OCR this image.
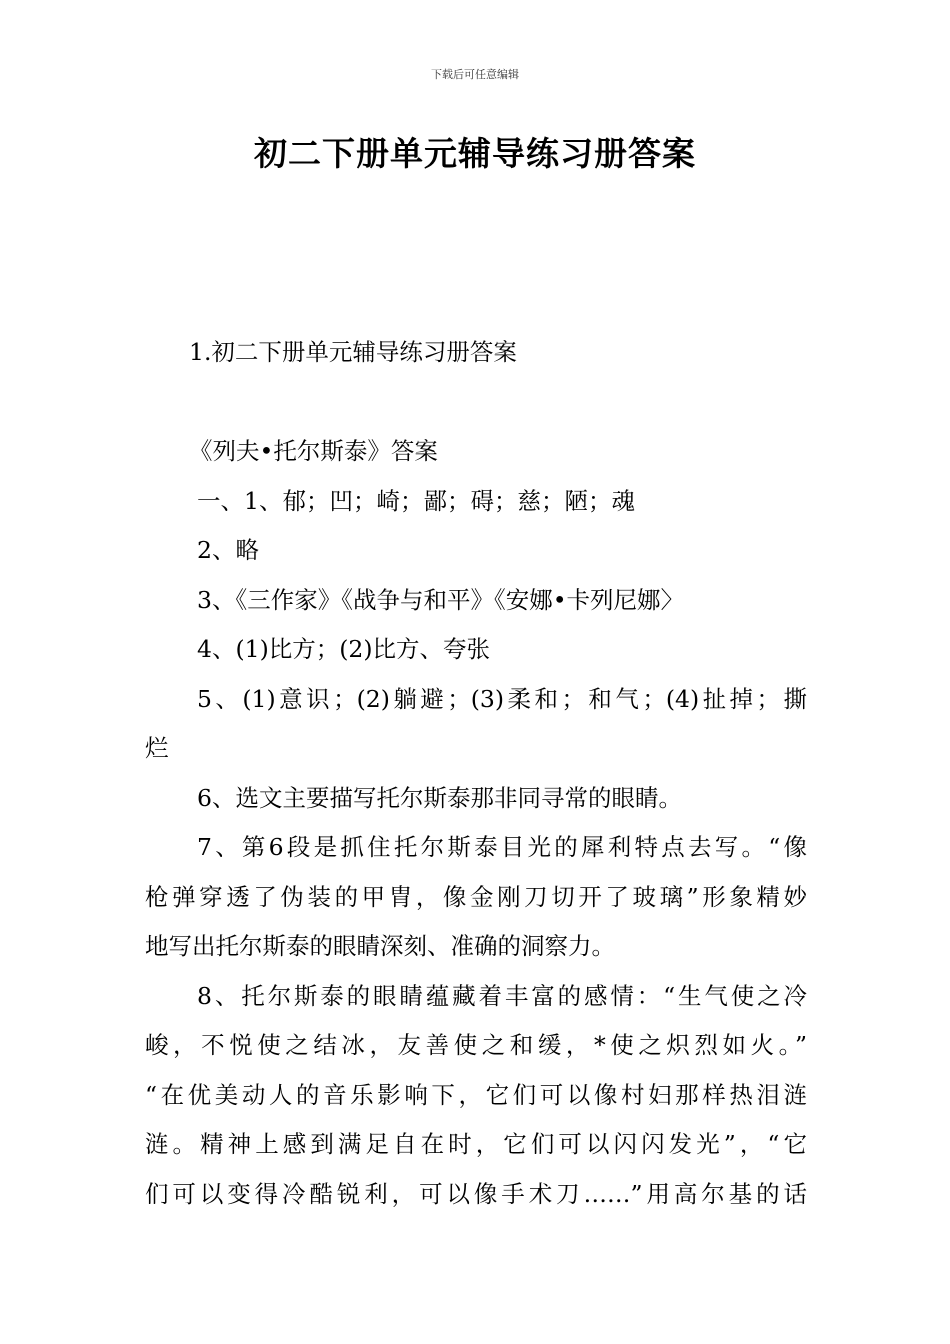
下载后可任意编辑
初二下册单元辅导练习册答案
1.初二下册单元辅导练习册答案
《列夫•托尔斯泰》答案
一、1、郁；凹；崎；鄙；碍；慈；陋；魂
2、略
3、《三作家》《战争与和平》《安娜•卡列尼娜〉
4、(1)比方；(2)比方、夸张
5、(1)意识；(2)躺避；(3)柔和；和气；(4)扯掉；撕
烂
6、选文主要描写托尔斯泰那非同寻常的眼睛。
7、第6段是抓住托尔斯泰目光的犀利特点去写。“像
枪弹穿透了伪装的甲胄，像金刚刀切开了玻璃”形象精妙
地写出托尔斯泰的眼睛深刻、准确的洞察力。
8、托尔斯泰的眼睛蕴藏着丰富的感情：“生气使之冷
峻，不悦使之结冰，友善使之和缓，*使之炽烈如火。”
“在优美动人的音乐影响下，它们可以像村妇那样热泪涟
涟。精神上感到满足自在时，它们可以闪闪发光”，“它
们可以变得冷酷锐利，可以像手术刀……”用高尔基的话
